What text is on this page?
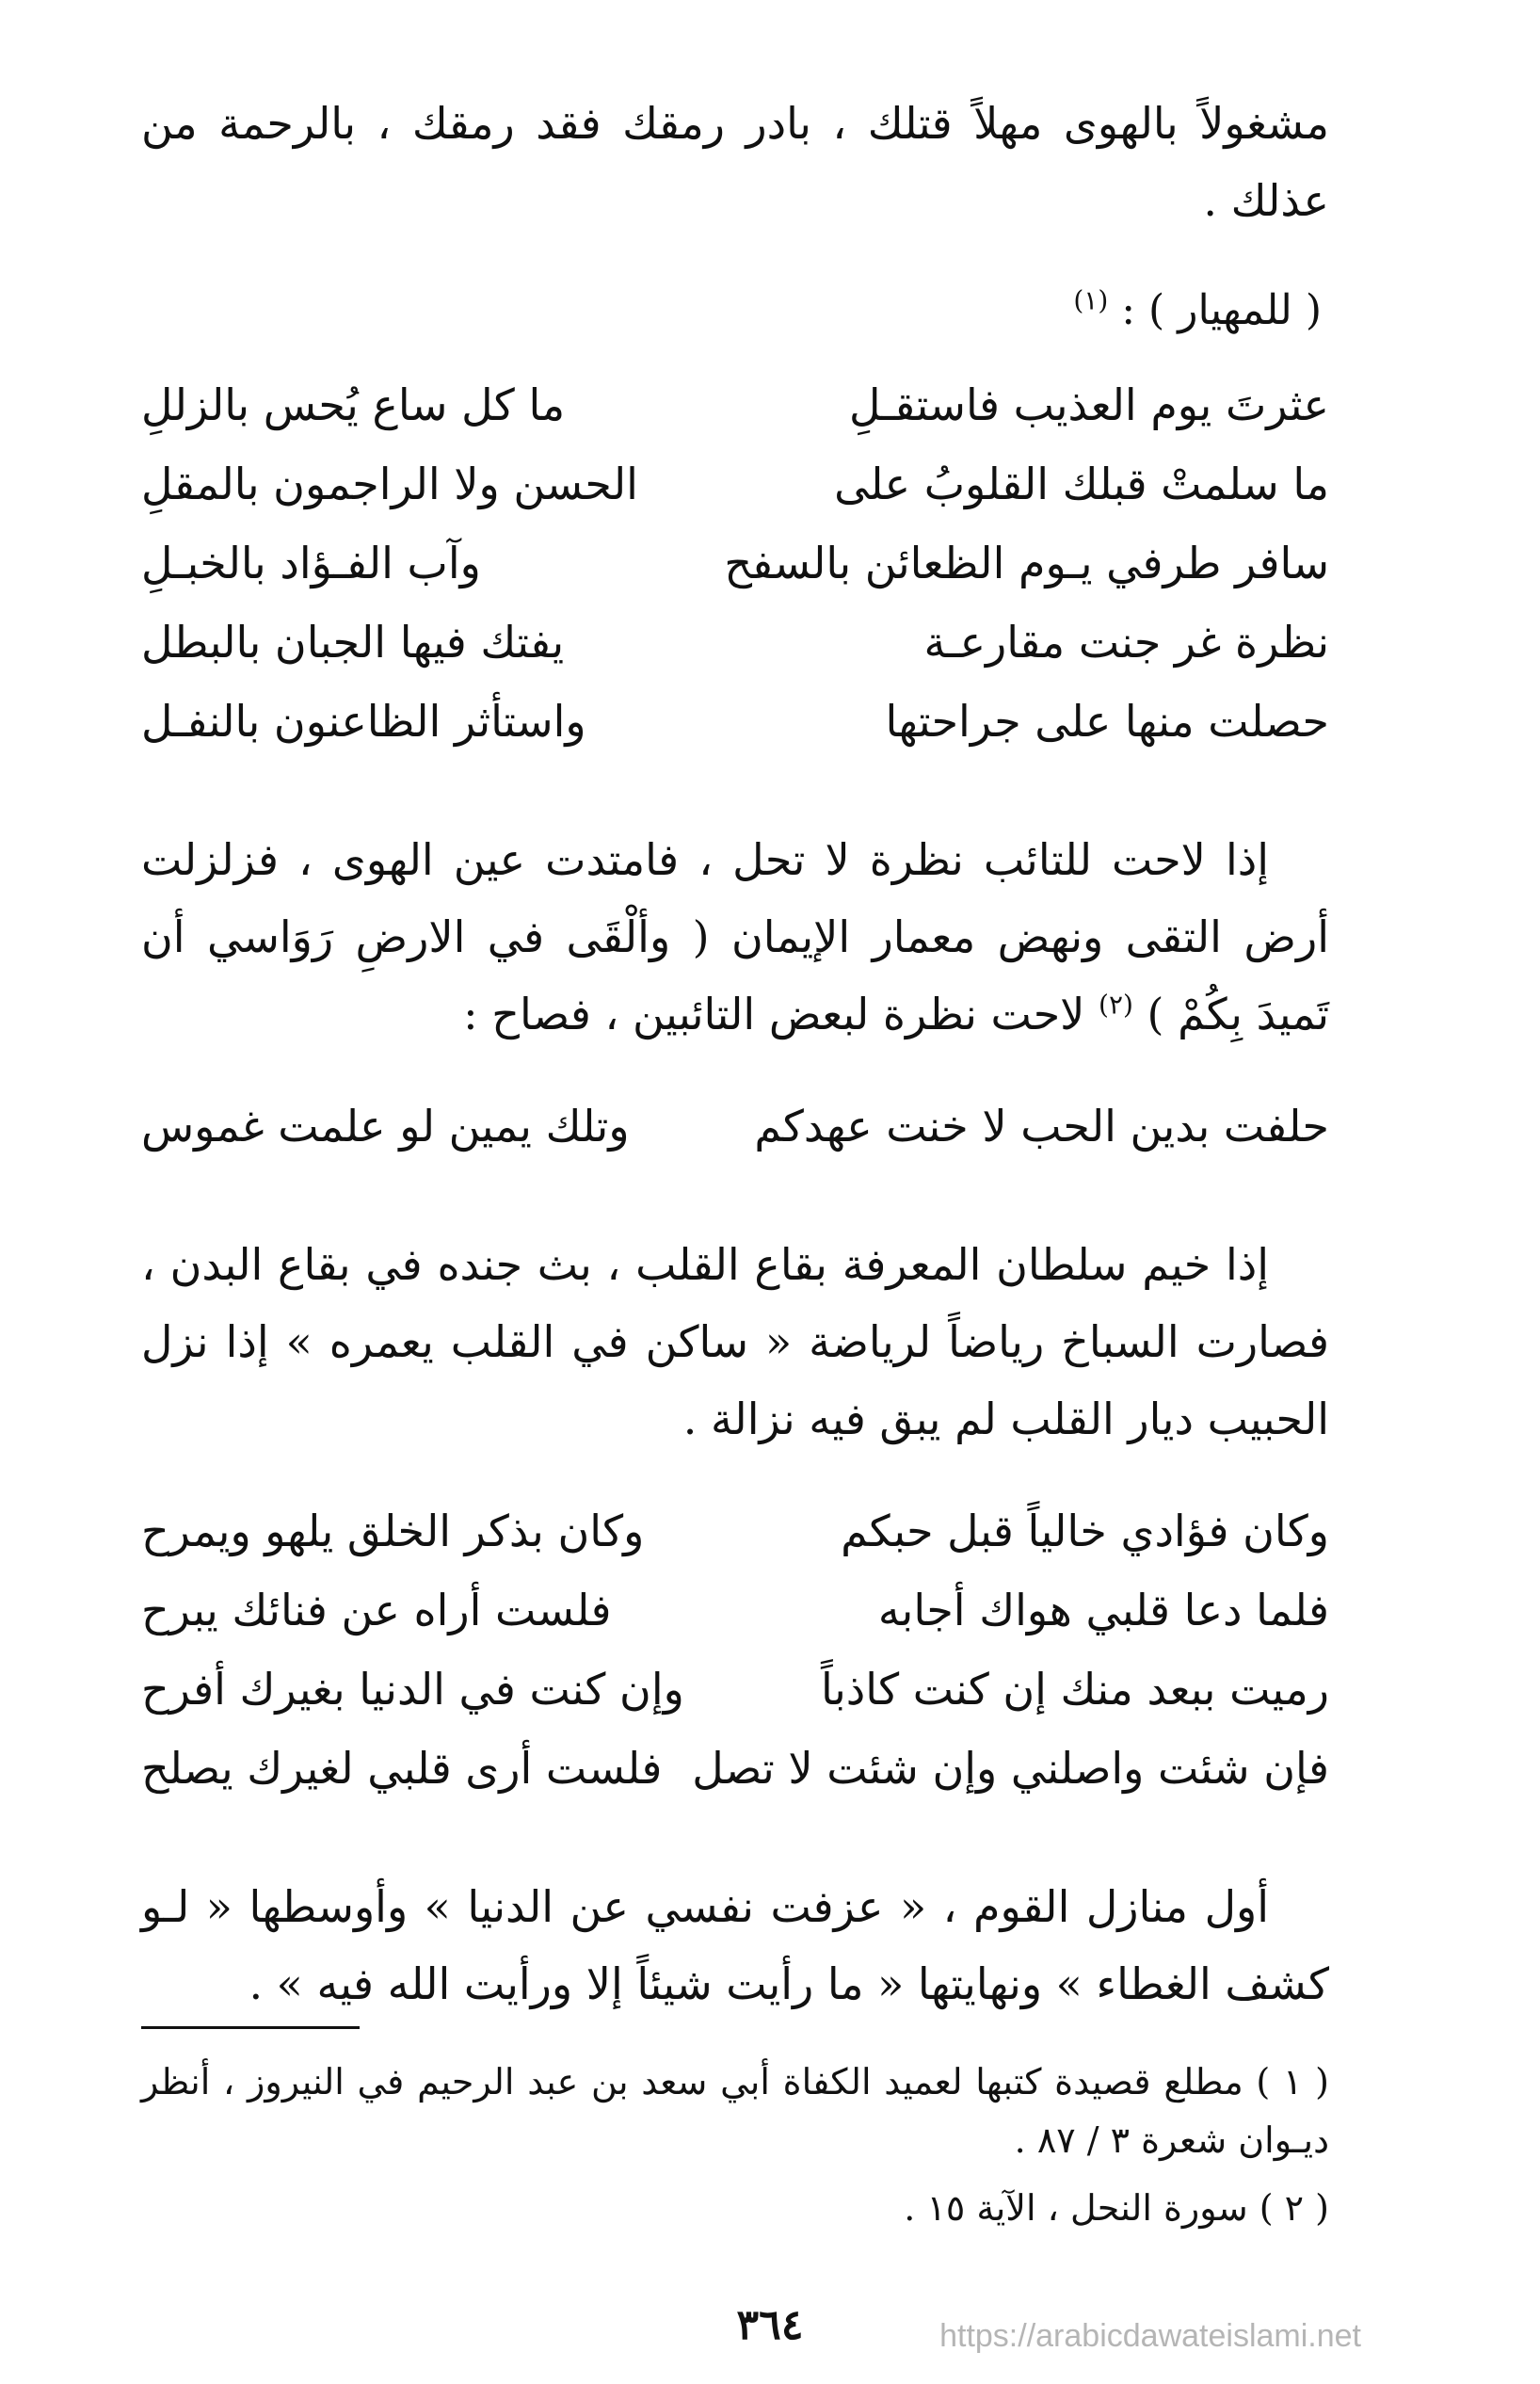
مشغولاً بالهوى مهلاً قتلك ، بادر رمقك فقد رمقك ، بالرحمة من عذلك .

( للمهيار ) : $^{(١)}$
عثرتَ يوم العذيب فاستقـلِ
ما كل ساع يُحس بالزللِ
ما سلمتْ قبلك القلوبُ على
الحسن ولا الراجمون بالمقلِ
سافر طرفي يـوم الظعائن بالسفح
وآب الفـؤاد بالخبـلِ
نظرة غر جنت مقارعـة
يفتك فيها الجبان بالبطل
حصلت منها على جراحتها
واستأثر الظاعنون بالنفـل

إذا لاحت للتائب نظرة لا تحل ، فامتدت عين الهوى ، فزلزلت أرض التقى ونهض معمار الإيمان ( وألْقَى في الارضِ رَوَاسي أن تَميدَ بِكُمْ ) $^{(٢)}$ لاحت نظرة لبعض التائبين ، فصاح :

حلفت بدين الحب لا خنت عهدكم
وتلك يمين لو علمت غموس

إذا خيم سلطان المعرفة بقاع القلب ، بث جنده في بقاع البدن ، فصارت السباخ رياضاً لرياضة « ساكن في القلب يعمره » إذا نزل الحبيب ديار القلب لم يبق فيه نزالة .

وكان فؤادي خالياً قبل حبكم
وكان بذكر الخلق يلهو ويمرح
فلما دعا قلبي هواك أجابه
فلست أراه عن فنائك يبرح
رميت ببعد منك إن كنت كاذباً
وإن كنت في الدنيا بغيرك أفرح
فإن شئت واصلني وإن شئت لا تصل
فلست أرى قلبي لغيرك يصلح

أول منازل القوم ، « عزفت نفسي عن الدنيا » وأوسطها « لـو كشف الغطاء » ونهايتها « ما رأيت شيئاً إلا ورأيت الله فيه » .

( ١ ) مطلع قصيدة كتبها لعميد الكفاة أبي سعد بن عبد الرحيم في النيروز ، أنظر ديـوان شعرة ٣ / ٨٧ .

( ٢ ) سورة النحل ، الآية ١٥ .

٣٦٤	https://arabicdawateislami.net
